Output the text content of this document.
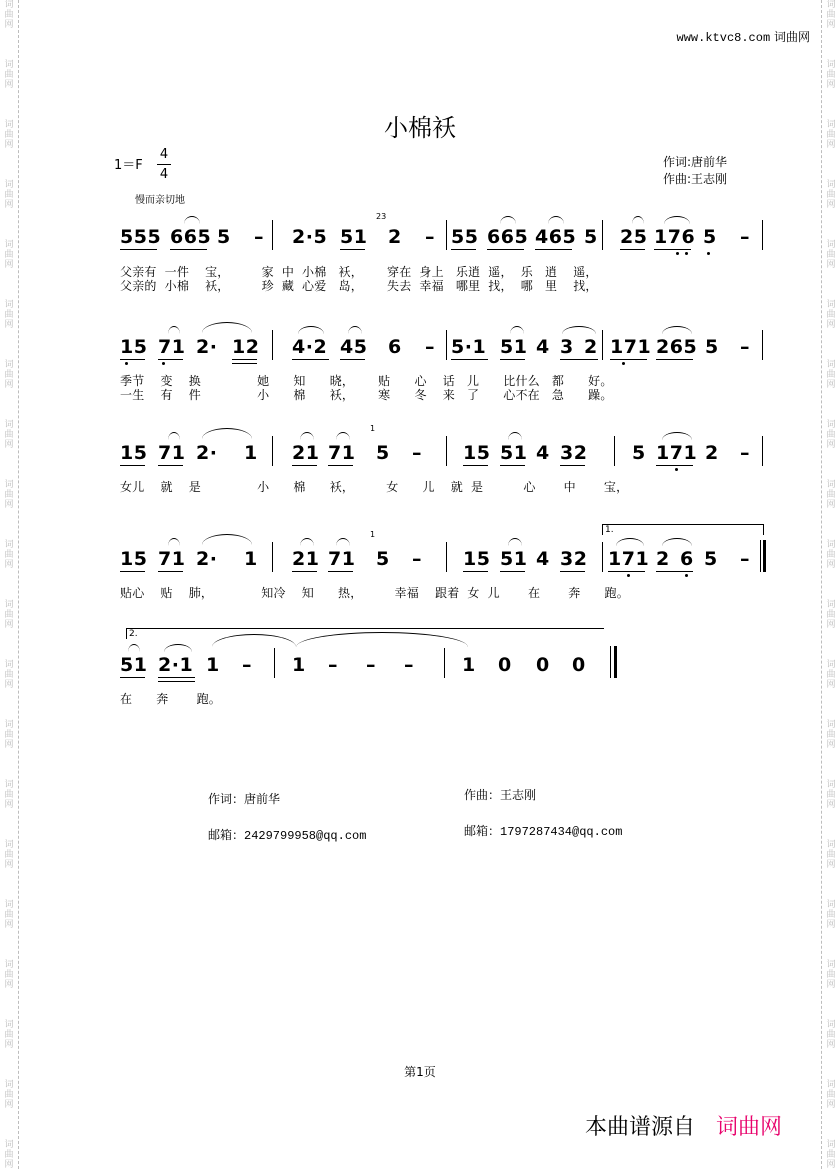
词
曲
网
词
曲
网
词
曲
网
词
曲
网
词
曲
网
词
曲
网
词
曲
网
词
曲
网
词
曲
网
词
曲
网
词
曲
网
词
曲
网
词
曲
网
词
曲
网
词
曲
网
词
曲
网
词
曲
网
词
曲
网
词
曲
网
词
曲
网
词
曲
网
词
曲
网
词
曲
网
词
曲
网
词
曲
网
词
曲
网
词
曲
网
词
曲
网
词
曲
网
词
曲
网
词
曲
网
词
曲
网
词
曲
网
词
曲
网
词
曲
网
词
曲
网
词
曲
网
词
曲
网
词
曲
网
词
曲
网
www.ktvc8.com 词曲网
小棉袄
1＝F
4
4
慢而亲切地
作词:唐前华
作曲:王志刚
555 665 5 – 2·5 51 2 – 55 665 465 5 25 176 5 –
23
父亲有  一件    宝，        家  中  小棉   袄，      穿在  身上   乐逍  遥，  乐   逍    遥，
父亲的  小棉    袄，        珍  藏  心爱   岛，      失去  幸福   哪里  找，  哪   里    找，
15 71 2· 12 4·2 45 6 – 5·1 51 4 3 2 171 265 5 –
季节    变    换              她      知      晓，      贴      心    话   儿      比什么   都      好。
一生    有    件              小      棉      袄，      寒      冬    来   了      心不在   急      躁。
15 71 2· 1 21 71 5 – 15 51 4 32 5 171 2 –
1
女儿    就    是              小      棉      袄，        女      儿    就  是          心       中       宝，
1.
15 71 2· 1 21 71 5 – 15 51 4 32 171 2 6 5 –
1
贴心    贴    肺，            知冷    知      热，        幸福    跟着  女  儿       在       奔      跑。
2.
51 2·1 1 – 1 – – –	1 0 0 0
在      奔       跑。
作词：唐前华
邮箱：2429799958@qq.com
作曲：王志刚
邮箱：1797287434@qq.com
第1页
本曲谱源自 词曲网
